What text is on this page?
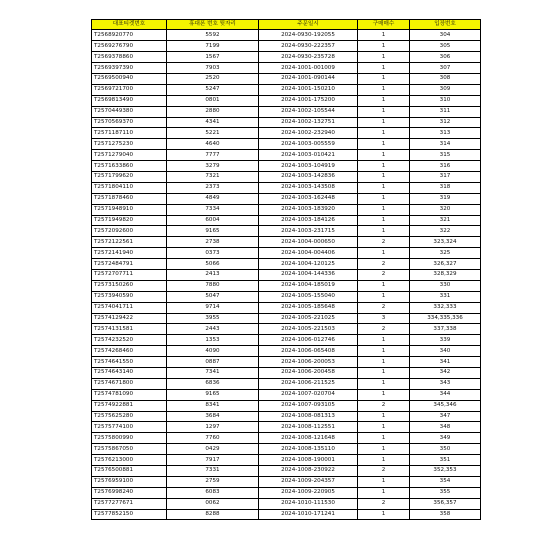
대표티켓번호	휴대폰 번호 뒷자리	주문일시	구매매수	입장번호
T2568920770	5592	2024-0930-192055	1	304
T2569276790	7199	2024-0930-222357	1	305
T2569378860	1567	2024-0930-235728	1	306
T2569397390	7903	2024-1001-001009	1	307
T2569500940	2520	2024-1001-090144	1	308
T2569721700	5247	2024-1001-150210	1	309
T2569813490	0801	2024-1001-175200	1	310
T2570449380	2880	2024-1002-105544	1	311
T2570569370	4341	2024-1002-132751	1	312
T2571187110	5221	2024-1002-232940	1	313
T2571275230	4640	2024-1003-005559	1	314
T2571279040	7777	2024-1003-010421	1	315
T2571633860	3279	2024-1003-104919	1	316
T2571799620	7321	2024-1003-142836	1	317
T2571804110	2373	2024-1003-143508	1	318
T2571878460	4849	2024-1003-162448	1	319
T2571948910	7334	2024-1003-183920	1	320
T2571949820	6004	2024-1003-184126	1	321
T2572092600	9165	2024-1003-231715	1	322
T2572122561	2738	2024-1004-000650	2	323,324
T2572141940	0373	2024-1004-004406	1	325
T2572484791	5066	2024-1004-120125	2	326,327
T2572707711	2413	2024-1004-144336	2	328,329
T2573150260	7880	2024-1004-185019	1	330
T2573940590	5047	2024-1005-155040	1	331
T2574041711	9714	2024-1005-185648	2	332,333
T2574129422	3955	2024-1005-221025	3	334,335,336
T2574131581	2443	2024-1005-221503	2	337,338
T2574232520	1353	2024-1006-012746	1	339
T2574268460	4090	2024-1006-065408	1	340
T2574641550	0887	2024-1006-200053	1	341
T2574643140	7341	2024-1006-200458	1	342
T2574671800	6836	2024-1006-211525	1	343
T2574781090	9165	2024-1007-020704	1	344
T2574922881	8341	2024-1007-093105	2	345,346
T2575625280	3684	2024-1008-081313	1	347
T2575774100	1297	2024-1008-112551	1	348
T2575800990	7760	2024-1008-121648	1	349
T2575867050	0429	2024-1008-135110	1	350
T2576213000	7917	2024-1008-190001	1	351
T2576500881	7331	2024-1008-230922	2	352,353
T2576959100	2759	2024-1009-204357	1	354
T2576998240	6083	2024-1009-220905	1	355
T2577277671	0062	2024-1010-111530	2	356,357
T2577852150	8288	2024-1010-171241	1	358
